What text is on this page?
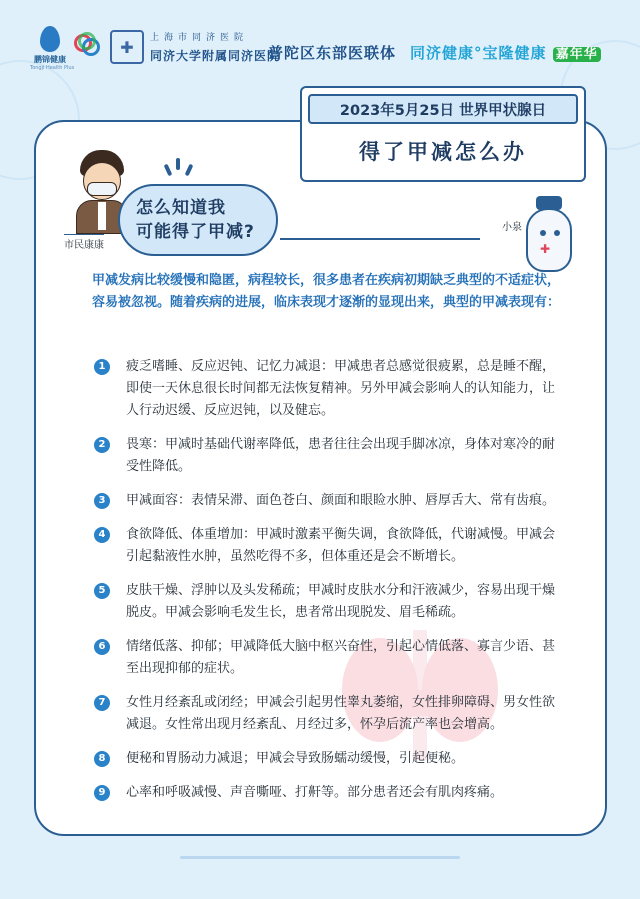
鹏锦健康
Tongji Health Plus
✚	上海市同济医院
同济大学附属同济医院
普陀区东部医联体 同济健康°宝隆健康 嘉年华
2023年5月25日 世界甲状腺日
得了甲减怎么办
市民康康
怎么知道我
可能得了甲减?	小泉
✚
甲减发病比较缓慢和隐匿，病程较长，很多患者在疾病初期缺乏典型的不适症状，容易被忽视。随着疾病的进展，临床表现才逐渐的显现出来，典型的甲减表现有：
1	疲乏嗜睡、反应迟钝、记忆力减退：甲减患者总感觉很疲累，总是睡不醒，即使一天休息很长时间都无法恢复精神。另外甲减会影响人的认知能力，让人行动迟缓、反应迟钝，以及健忘。
2	畏寒：甲减时基础代谢率降低，患者往往会出现手脚冰凉，身体对寒冷的耐受性降低。
3	甲减面容：表情呆滞、面色苍白、颜面和眼睑水肿、唇厚舌大、常有齿痕。
4	食欲降低、体重增加：甲减时激素平衡失调，食欲降低，代谢减慢。甲减会引起黏液性水肿，虽然吃得不多，但体重还是会不断增长。
5	皮肤干燥、浮肿以及头发稀疏；甲减时皮肤水分和汗液减少，容易出现干燥脱皮。甲减会影响毛发生长，患者常出现脱发、眉毛稀疏。
6	情绪低落、抑郁；甲减降低大脑中枢兴奋性，引起心情低落、寡言少语、甚至出现抑郁的症状。
7	女性月经紊乱或闭经；甲减会引起男性睾丸萎缩，女性排卵障碍、男女性欲减退。女性常出现月经紊乱、月经过多，怀孕后流产率也会增高。
8	便秘和胃肠动力减退；甲减会导致肠蠕动缓慢，引起便秘。
9	心率和呼吸减慢、声音嘶哑、打鼾等。部分患者还会有肌肉疼痛。
